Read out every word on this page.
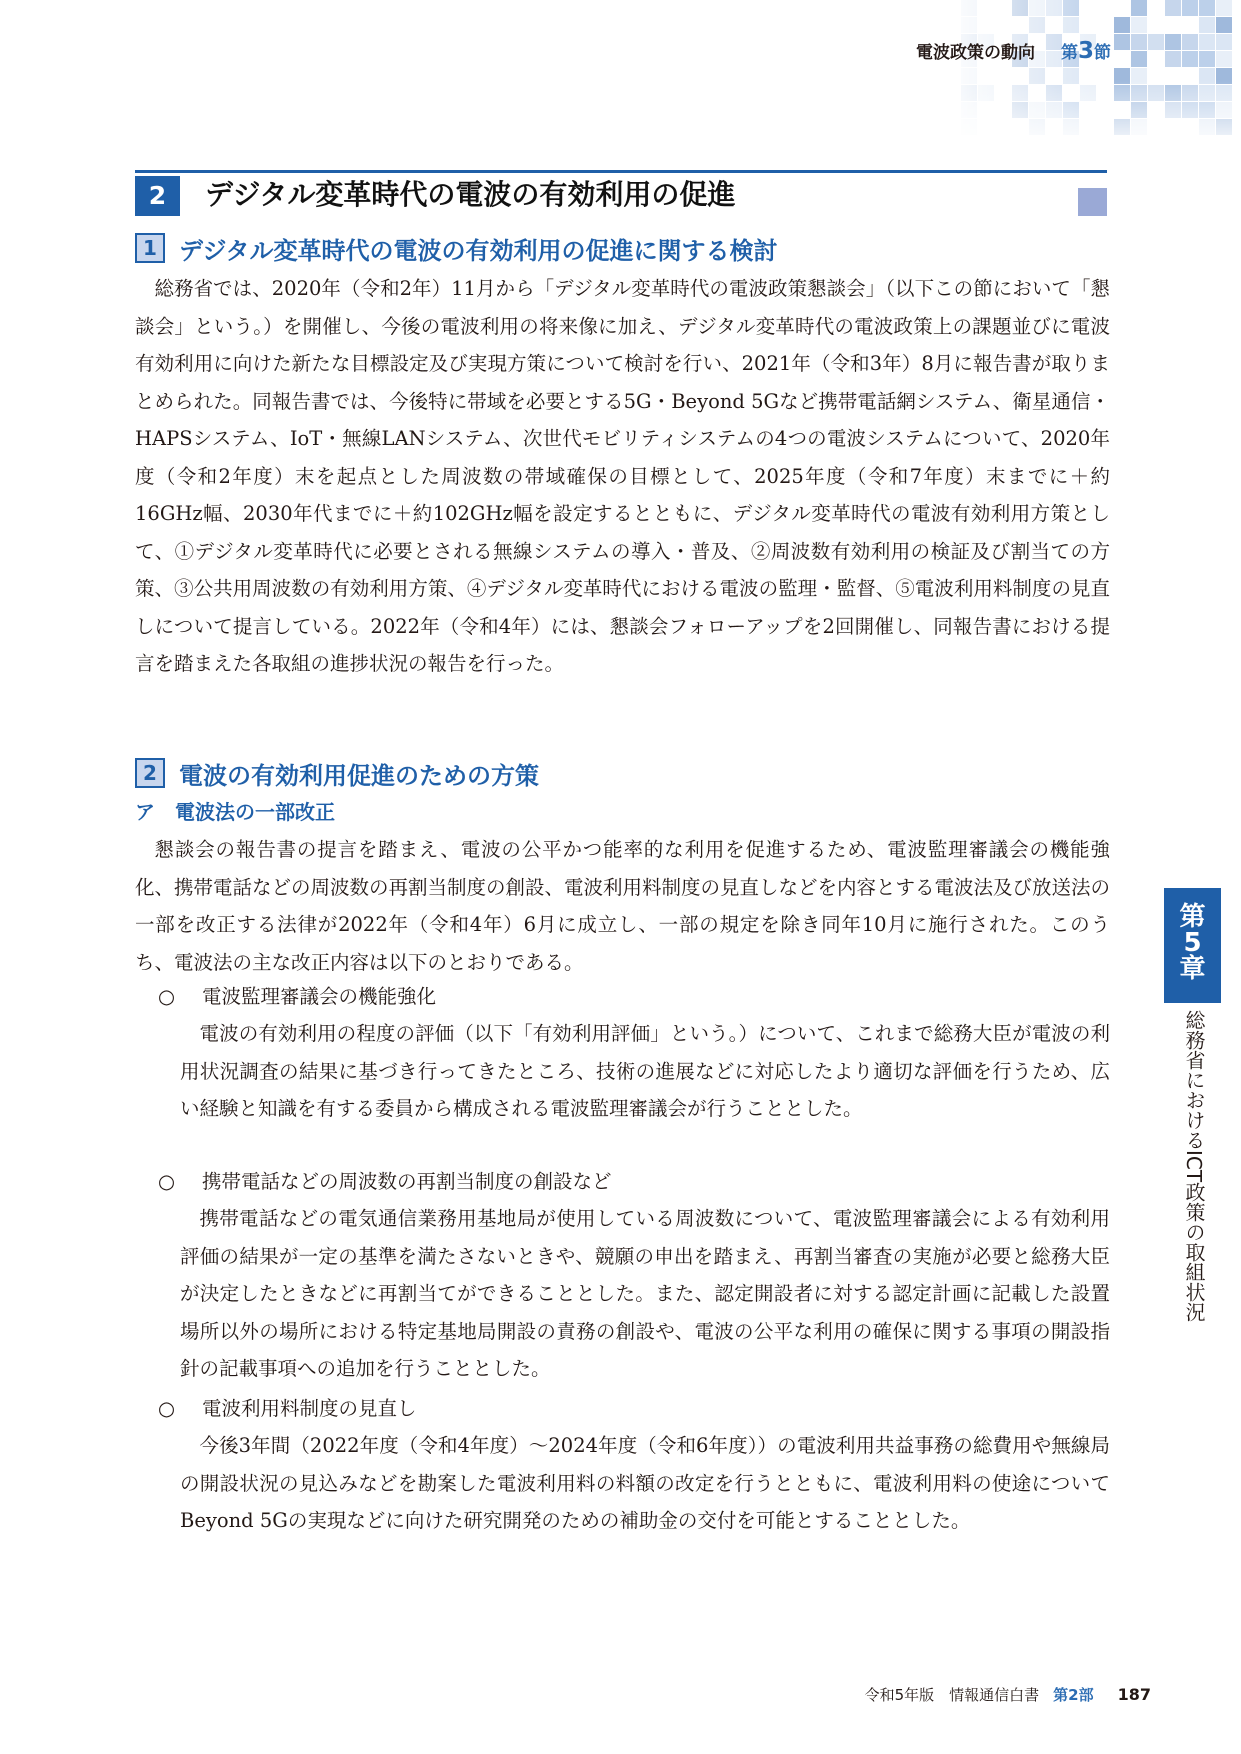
電波政策の動向 第3節
2	デジタル変革時代の電波の有効利用の促進
1 デジタル変革時代の電波の有効利用の促進に関する検討

総務省では、2020年（令和2年）11月から「デジタル変革時代の電波政策懇談会」（以下この節において「懇談会」という。）を開催し、今後の電波利用の将来像に加え、デジタル変革時代の電波政策上の課題並びに電波有効利用に向けた新たな目標設定及び実現方策について検討を行い、2021年（令和3年）8月に報告書が取りまとめられた。同報告書では、今後特に帯域を必要とする5G・Beyond 5Gなど携帯電話網システム、衛星通信・HAPSシステム、IoT・無線LANシステム、次世代モビリティシステムの4つの電波システムについて、2020年度（令和2年度）末を起点とした周波数の帯域確保の目標として、2025年度（令和7年度）末までに＋約16GHz幅、2030年代までに＋約102GHz幅を設定するとともに、デジタル変革時代の電波有効利用方策として、①デジタル変革時代に必要とされる無線システムの導入・普及、②周波数有効利用の検証及び割当ての方策、③公共用周波数の有効利用方策、④デジタル変革時代における電波の監理・監督、⑤電波利用料制度の見直しについて提言している。2022年（令和4年）には、懇談会フォローアップを2回開催し、同報告書における提言を踏まえた各取組の進捗状況の報告を行った。

2 電波の有効利用促進のための方策
ア　電波法の一部改正

懇談会の報告書の提言を踏まえ、電波の公平かつ能率的な利用を促進するため、電波監理審議会の機能強化、携帯電話などの周波数の再割当制度の創設、電波利用料制度の見直しなどを内容とする電波法及び放送法の一部を改正する法律が2022年（令和4年）6月に成立し、一部の規定を除き同年10月に施行された。このうち、電波法の主な改正内容は以下のとおりである。

○ 電波監理審議会の機能強化

電波の有効利用の程度の評価（以下「有効利用評価」という。）について、これまで総務大臣が電波の利用状況調査の結果に基づき行ってきたところ、技術の進展などに対応したより適切な評価を行うため、広い経験と知識を有する委員から構成される電波監理審議会が行うこととした。

○ 携帯電話などの周波数の再割当制度の創設など

携帯電話などの電気通信業務用基地局が使用している周波数について、電波監理審議会による有効利用評価の結果が一定の基準を満たさないときや、競願の申出を踏まえ、再割当審査の実施が必要と総務大臣が決定したときなどに再割当てができることとした。また、認定開設者に対する認定計画に記載した設置場所以外の場所における特定基地局開設の責務の創設や、電波の公平な利用の確保に関する事項の開設指針の記載事項への追加を行うこととした。

○ 電波利用料制度の見直し

今後3年間（2022年度（令和4年度）～2024年度（令和6年度））の電波利用共益事務の総費用や無線局の開設状況の見込みなどを勘案した電波利用料の料額の改定を行うとともに、電波利用料の使途についてBeyond 5Gの実現などに向けた研究開発のための補助金の交付を可能とすることとした。

第
5
章
総務省におけるICT政策の取組状況
令和5年版　情報通信白書 第2部 187
